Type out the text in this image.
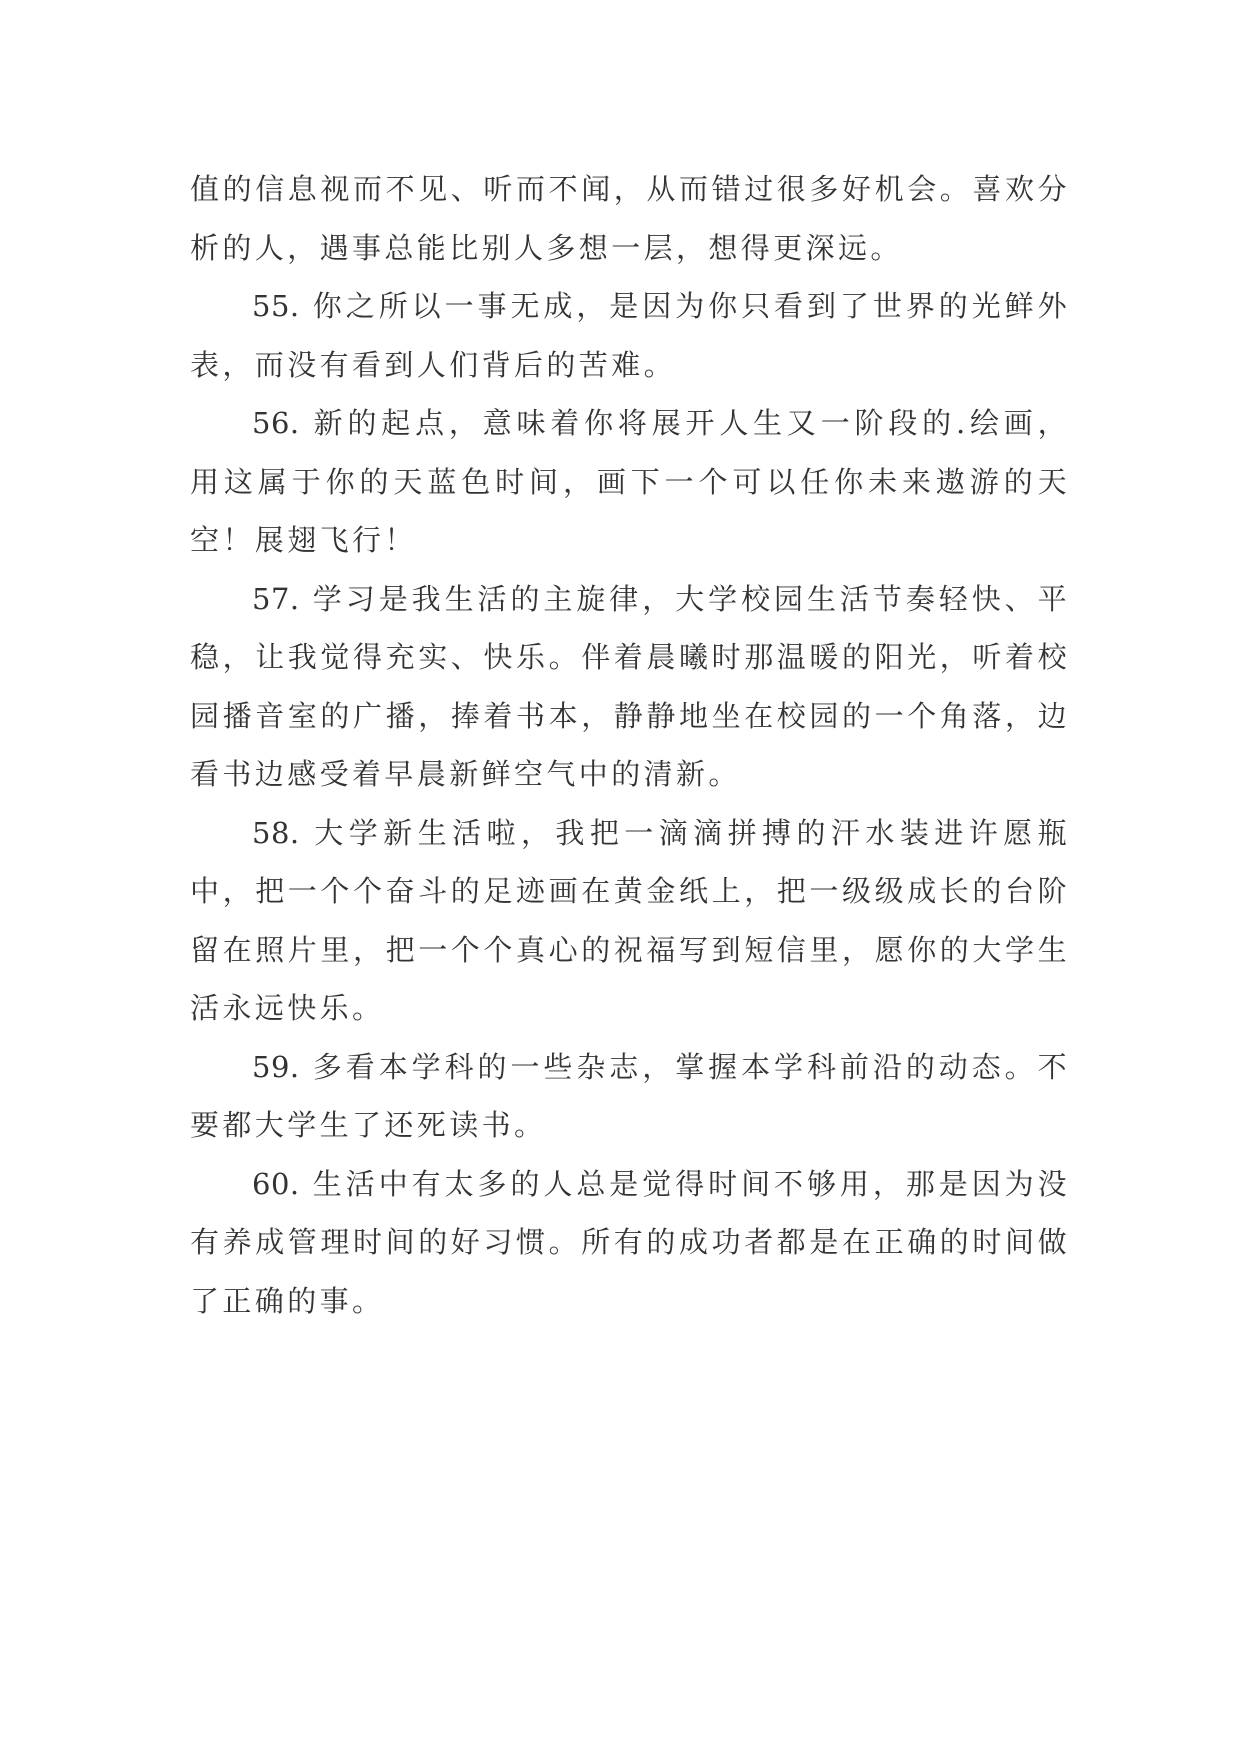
值的信息视而不见、听而不闻，从而错过很多好机会。喜欢分析的人，遇事总能比别人多想一层，想得更深远。

55. 你之所以一事无成，是因为你只看到了世界的光鲜外表，而没有看到人们背后的苦难。

56. 新的起点，意味着你将展开人生又一阶段的.绘画，用这属于你的天蓝色时间，画下一个可以任你未来遨游的天空！展翅飞行！

57. 学习是我生活的主旋律，大学校园生活节奏轻快、平稳，让我觉得充实、快乐。伴着晨曦时那温暖的阳光，听着校园播音室的广播，捧着书本，静静地坐在校园的一个角落，边看书边感受着早晨新鲜空气中的清新。

58. 大学新生活啦，我把一滴滴拼搏的汗水装进许愿瓶中，把一个个奋斗的足迹画在黄金纸上，把一级级成长的台阶留在照片里，把一个个真心的祝福写到短信里，愿你的大学生活永远快乐。

59. 多看本学科的一些杂志，掌握本学科前沿的动态。不要都大学生了还死读书。

60. 生活中有太多的人总是觉得时间不够用，那是因为没有养成管理时间的好习惯。所有的成功者都是在正确的时间做了正确的事。
